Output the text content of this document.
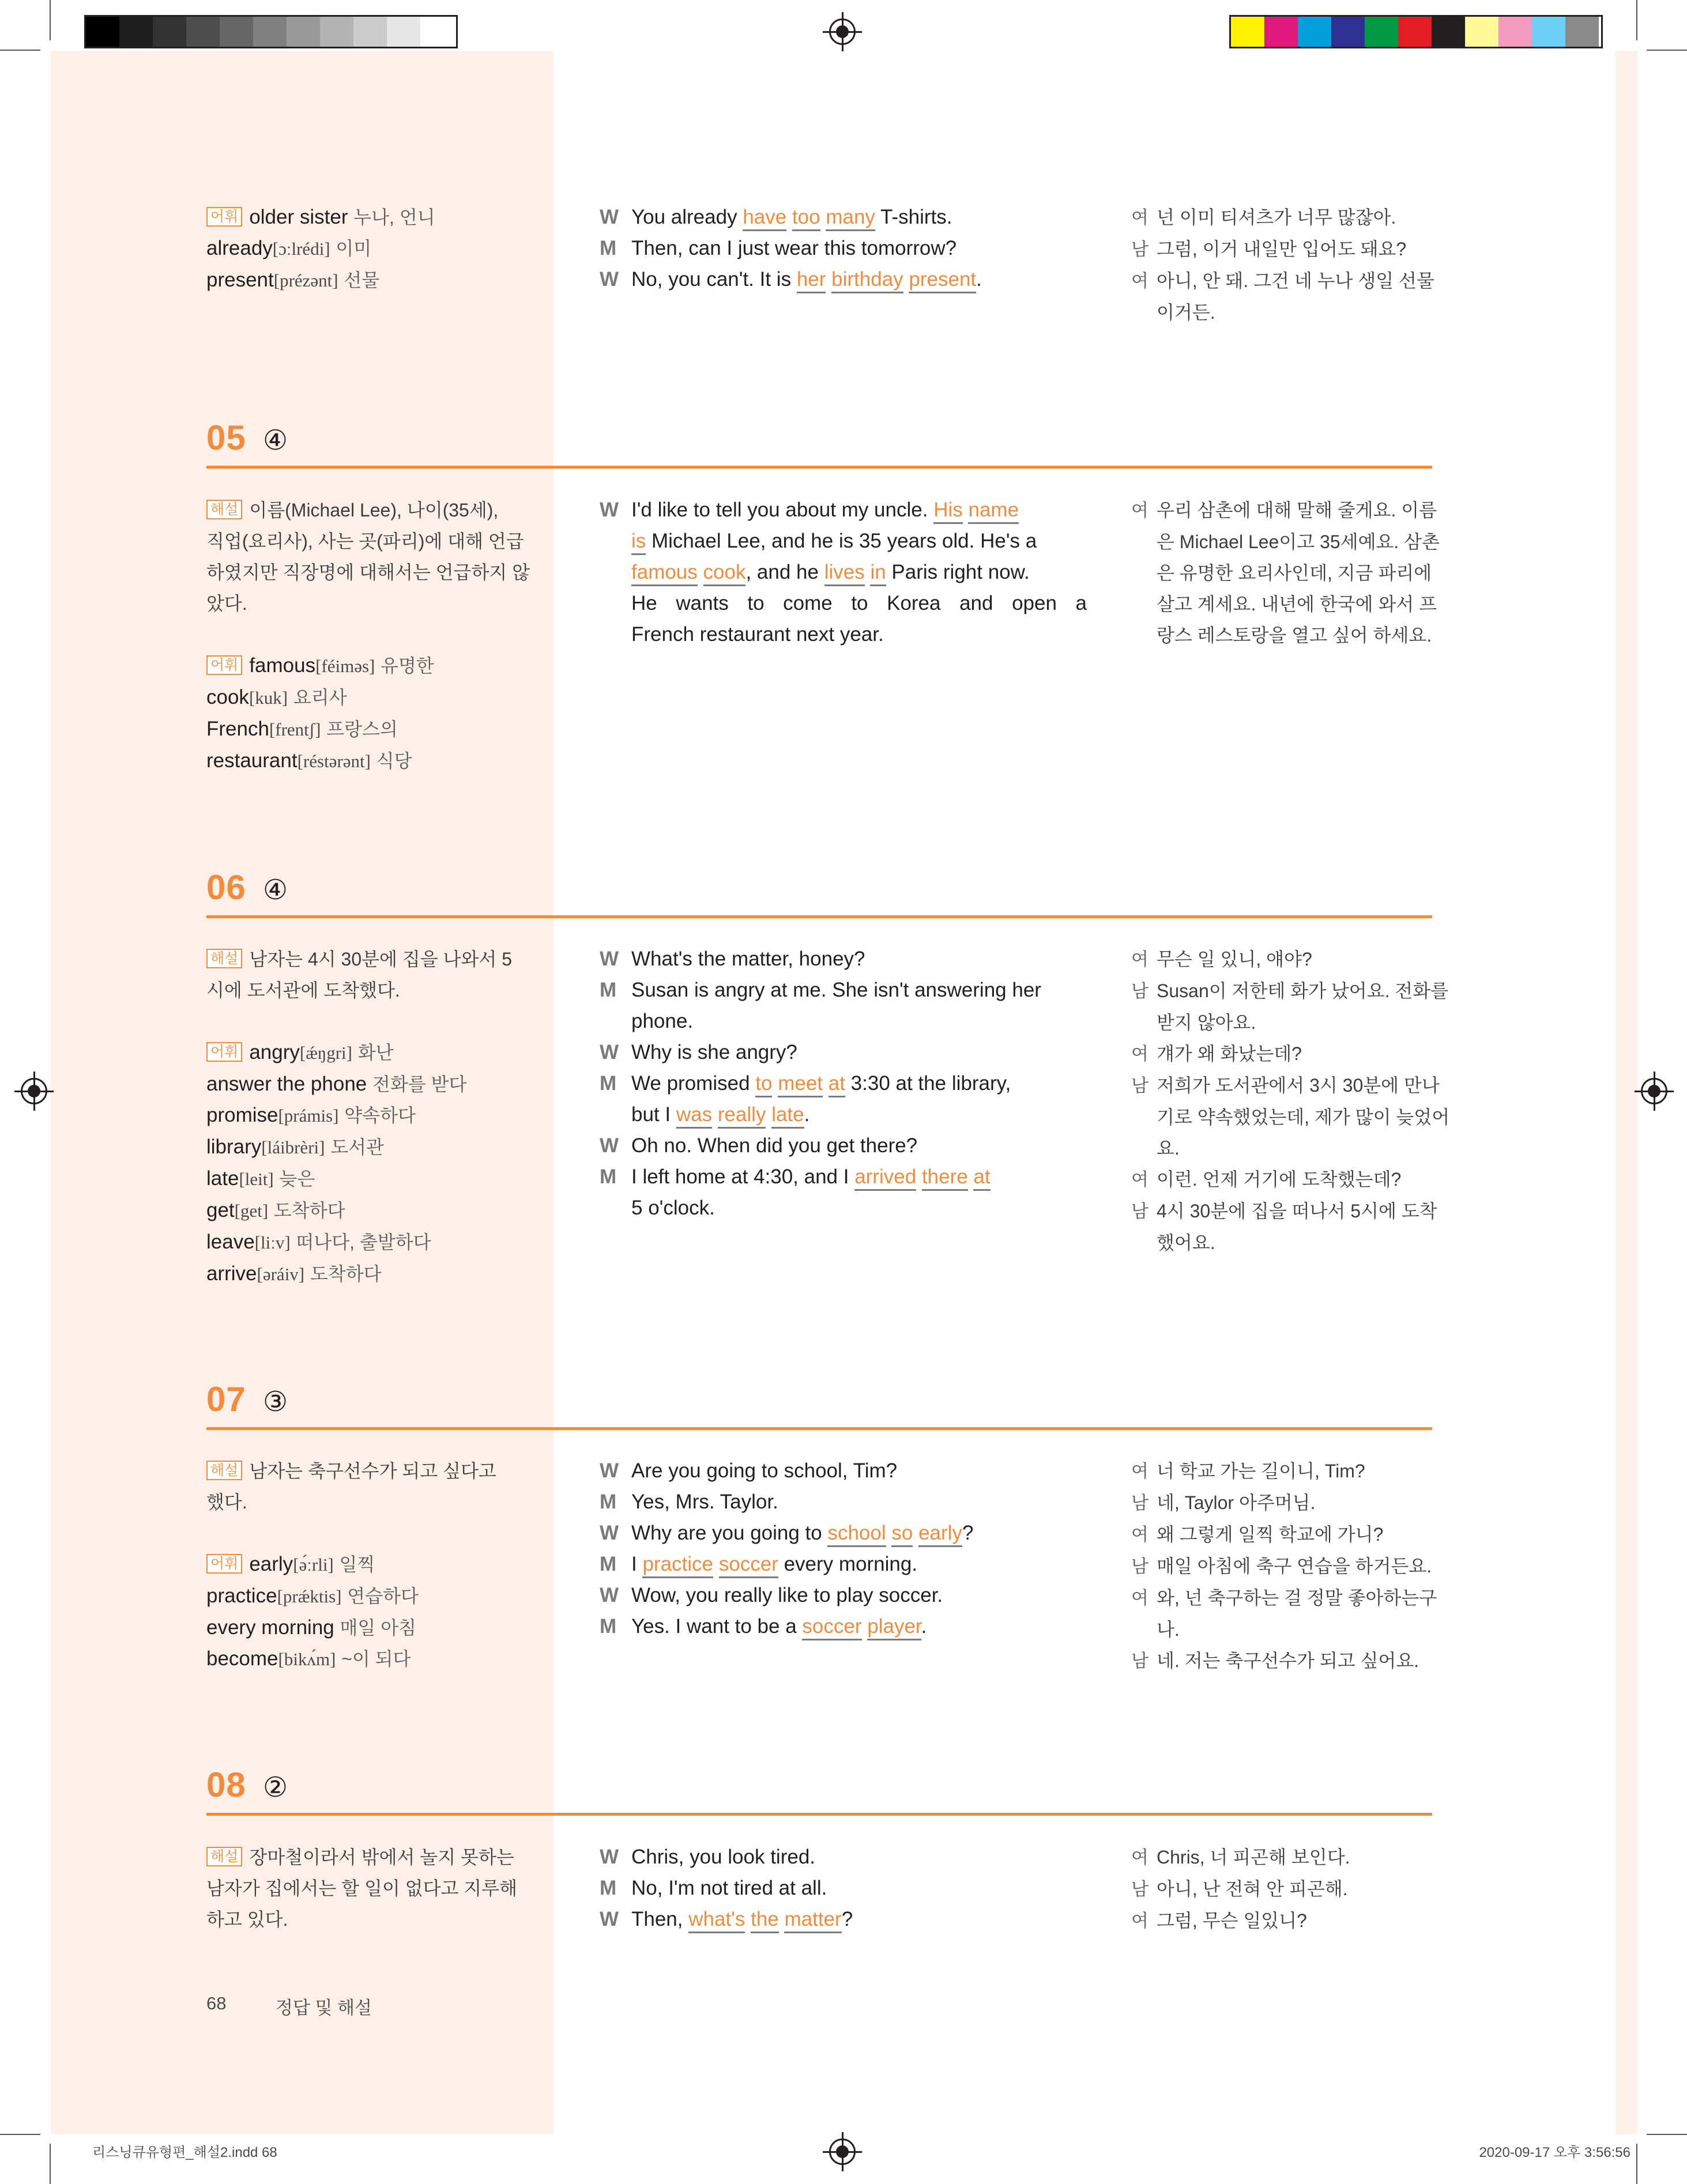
어휘 older sister 누나, 언니
already[ɔːlrédi] 이미
present[prézənt] 선물
W You already have too many T-shirts.
M Then, can I just wear this tomorrow?
W No, you can't. It is her birthday present.
여 넌 이미 티셔츠가 너무 많잖아.
남 그럼, 이거 내일만 입어도 돼요?
여 아니, 안 돼. 그건 네 누나 생일 선물
이거든.
05 ④
해설 이름(Michael Lee), 나이(35세),
직업(요리사), 사는 곳(파리)에 대해 언급
하였지만 직장명에 대해서는 언급하지 않
았다.
어휘 famous[féiməs] 유명한
cook[kuk] 요리사
French[frentʃ] 프랑스의
restaurant[réstərənt] 식당
W I'd like to tell you about my uncle. His name
is Michael Lee, and he is 35 years old. He's a
famous cook, and he lives in Paris right now.
He wants to come to Korea and open a
French restaurant next year.
여 우리 삼촌에 대해 말해 줄게요. 이름
은 Michael Lee이고 35세예요. 삼촌
은 유명한 요리사인데, 지금 파리에
살고 계세요. 내년에 한국에 와서 프
랑스 레스토랑을 열고 싶어 하세요.
06 ④
해설 남자는 4시 30분에 집을 나와서 5
시에 도서관에 도착했다.
어휘 angry[ǽŋgri] 화난
answer the phone 전화를 받다
promise[prámis] 약속하다
library[láibrèri] 도서관
late[leit] 늦은
get[get] 도착하다
leave[liːv] 떠나다, 출발하다
arrive[əráiv] 도착하다
W What's the matter, honey?
M Susan is angry at me. She isn't answering her
phone.
W Why is she angry?
M We promised to meet at 3:30 at the library,
but I was really late.
W Oh no. When did you get there?
M I left home at 4:30, and I arrived there at
5 o'clock.
여 무슨 일 있니, 얘야?
남 Susan이 저한테 화가 났어요. 전화를
받지 않아요.
여 걔가 왜 화났는데?
남 저희가 도서관에서 3시 30분에 만나
기로 약속했었는데, 제가 많이 늦었어
요.
여 이런. 언제 거기에 도착했는데?
남 4시 30분에 집을 떠나서 5시에 도착
했어요.
07 ③
해설 남자는 축구선수가 되고 싶다고
했다.
어휘 early[ə́ːrli] 일찍
practice[prǽktis] 연습하다
every morning 매일 아침
become[bikʌ́m] ~이 되다
W Are you going to school, Tim?
M Yes, Mrs. Taylor.
W Why are you going to school so early?
M I practice soccer every morning.
W Wow, you really like to play soccer.
M Yes. I want to be a soccer player.
여 너 학교 가는 길이니, Tim?
남 네, Taylor 아주머님.
여 왜 그렇게 일찍 학교에 가니?
남 매일 아침에 축구 연습을 하거든요.
여 와, 넌 축구하는 걸 정말 좋아하는구
나.
남 네. 저는 축구선수가 되고 싶어요.
08 ②
해설 장마철이라서 밖에서 놀지 못하는
남자가 집에서는 할 일이 없다고 지루해
하고 있다.
W Chris, you look tired.
M No, I'm not tired at all.
W Then, what's the matter?
여 Chris, 너 피곤해 보인다.
남 아니, 난 전혀 안 피곤해.
여 그럼, 무슨 일있니?
68	정답 및 해설
리스닝큐유형편_해설2.indd 68	2020-09-17 오후 3:56:56
